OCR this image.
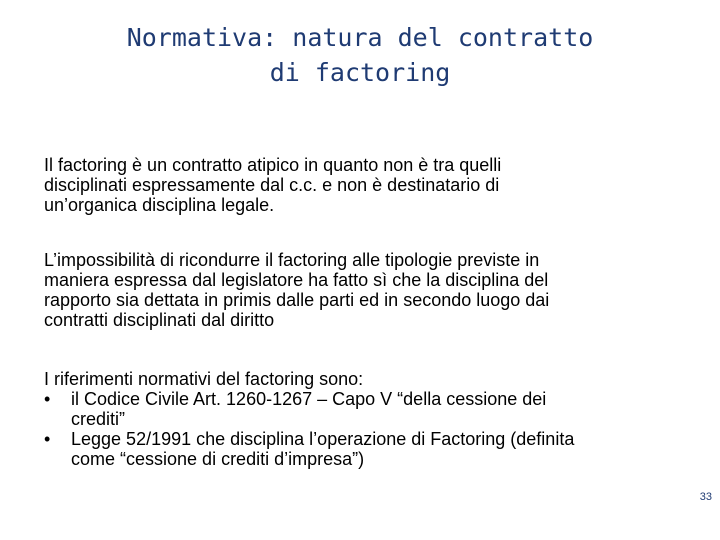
Normativa: natura del contratto
di factoring

Il factoring è un contratto atipico in quanto non è tra quelli

disciplinati espressamente dal c.c. e non è destinatario di

un’organica disciplina legale.

L’impossibilità di ricondurre il factoring alle tipologie previste in

maniera espressa dal legislatore ha fatto sì che la disciplina del

rapporto sia dettata in primis dalle parti ed in secondo luogo dai

contratti disciplinati dal diritto

I riferimenti normativi del factoring sono:

•	il Codice Civile Art. 1260-1267 – Capo V “della cessione dei

crediti”

•	Legge 52/1991 che disciplina l’operazione di Factoring (definita

come “cessione di crediti d’impresa”)

33
